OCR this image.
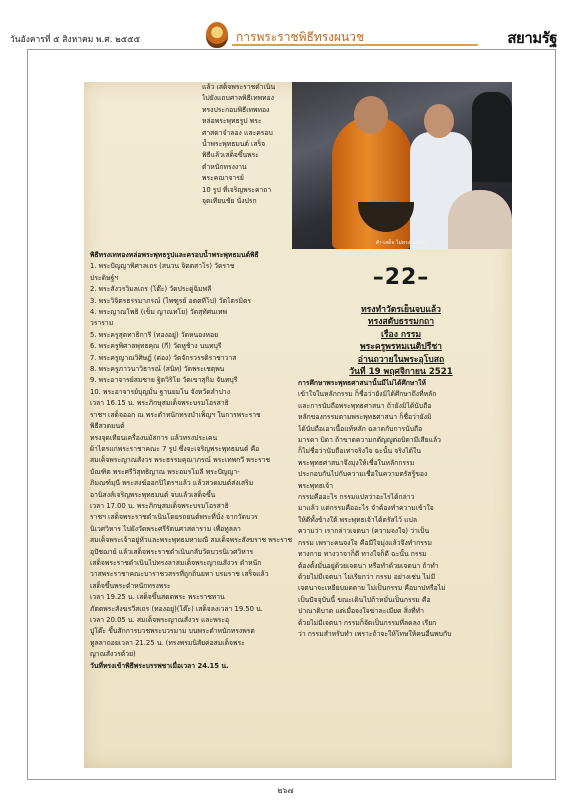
วันอังคารที่ ๕ สิงหาคม พ.ศ. ๒๕๕๕	การพระราชพิธีทรงผนวช	สยามรัฐ

แล้ว เสด็จพระราชดำเนิน

ไปยังแถบศาลพิธีเทพทอง

ทรงประกอบพิธีเทพทอง

หล่อพระพุทธรูป พระ

ศาสดาจำลอง และครอบ

น้ำพระพุทธมนต์ เสร็จ

พิธีแล้วเสด็จขึ้นพระ

ตำหนักทรงงาน

พระคณาจารย์

10 รูป ที่เจริญพระคาถา

จุดเทียนชัย นั่งปรก

สำ-เสด็จ ไม่ทรงโฉมพระ

พิธีทรงเททองหล่อพระพุทธรูปและครอบน้ำพระพุทธมนต์พิธี

1. พระปัญญาพิศาลเถร (สนวน จิตตสาโร) วัดราช

ประดิษฐ์ฯ

2. พระสังวรวิมลเถร (โต๊ะ) วัดประดู่ฉิมพลี

3. พระวิจิตรธรรมาภรณ์ (ไพฑูรย์ อตตทีโป) วัดไตรมิตร

4. พระญาณโพธิ (เข็ม ญาณทโย) วัดสุทัศนเทพ

วราราม

5. พระครูสุตทาธิการี (ทองอยู่) วัดหนองหอย

6. พระครูพิศาลพุทธคุณ (กี) วัดหูช้าง นนทบุรี

7. พระครูญาณวิศิษฏ์ (ต่อง) วัดจักรวรรดิราชาวาส

8. พระครูภาวนาวิธารณ์ (สนิท) วัดพระเชตุพน

9. พระอาจารย์สมชาย ฐิตวิริโย วัดเขาสุกิม จันทบุรี

10. พระอาจารย์บุญมั่น ฐานยมโน จังหวัดลำปาง

เวลา 16.15 น. พระภิกษุสมเด็จพระบรมโอรสาธิ

ราชฯ เสด็จออก ณ พระตำหนักทรงบำเพ็ญฯ ในการพระราช

พิธีสวดมนต์

ทรงจุดเทียนเครื่องนมัสการ แล้วทรงประเคน

ผ้าไตรแก่พระราชาคณะ 7 รูป ซึ่งจะเจริญพระพุทธมนต์ คือ

สมเด็จพระญาณสังวร พระธรรมคุณาภรณ์ พระเทพกวี พระราช

บัณฑิต พระศรีวิสุทธิญาณ พระอมรโมลี พระปัญญา-

ภิมณฑ์มุนี พระสงฆ์ออกปิไตรฯแล้ว แล้วสวดมนต์ส่งเสริม

อานิสงส์เจริญพระพุทธมนต์ จบแล้วเสด็จขึ้น

เวลา 17.00 น. พระภิกษุสมเด็จพระบรมโอรสาธิ

ราชฯ เสด็จพระราชดำเนินโดยรถยนต์พระที่นั่ง จากวัดบวร

นิเวศวิหาร ไปยังวัดพระศรีรัตนศาสดาราม เพื่อทูลลา

สมเด็จพระเจ้าอยู่หัวและพระพุทธมหามณี สมเด็จพระสังฆราช พระราช

อุปัชฌาย์ แล้วเสด็จพระราชดำเนินกลับวัดบวรนิเวศวิหาร

เสด็จพระราชดำเนินไปทรงลาสมเด็จพระญาณสังวร ตำหนัก

วาสพระราชาคณะบาราชวสรรที่ถูกถิ่นยทา บรมราช เสร็จแล้ว

เสด็จขึ้นพระตำหนักทรงพระ

เวลา 19.25 น. เสด็จขึ้นสดดพระ พระราชทาน

ภัตตพระสังฆรวีสเถร (ทองอยู่)(โต๊ะ) เสด็จลงเวลา 19.50 น.

เวลา 20.05 น. สมเด็จพระญาณสังวร และพระอุ

ปูโต๊ะ ขึ้นสักการบวชพระบวรมาม บนพระตำหนักทรงพรต

ทูลลาถอยเวลา 21.25 น. (ทรงพรมนิสัยต่อสมเด็จพระ

ญาณสังวรด้วย)

วันที่ทรงเข้าพิธีพระบรรพชาเมื่อเวลา 24.15 น.

–22–

ทรงทำวัตรเย็นจบแล้ว

ทรงสดับธรรมกถา

เรื่อง กรรม

พระครูพรหมเนติปรีชา

อ่านถวายในพระอุโบสถ

วันที่ 19 พฤศจิกายน 2521

การศึกษาพระพุทธศาสนานั้นมีไม่ได้ศึกษาให้

เข้าใจในหลักกรรม ก็ชื่อว่ายังมิได้ศึกษาถึงที่หลัก

และการนับถือพระพุทธศาสนา ถ้ายังมิได้นับถือ

หลักของกรรมตามพระพุทธศาสนา ก็ชื่อว่ายังมิ

ได้นับถือเอาเนื้อแท้หลัก ฉลาดกับการนับถือ

มารดา บิดา ถ้าขาดความกตัญญูต่อบิดามีเสียแล้ว

ก็ไม่ชื่อว่านับถือเท่าจริงใจ ฉะนั้น จริงได้ใน

พระพุทธศาสนาจึงมุ่งให้เชื่อในหลักกรรม

ประกอบกันไปกับความเชื่อในความตรัสรู้ของ

พระพุทธเจ้า

กรรมคืออะไร กรรมแปลว่าอะไรได้กล่าว

มาแล้ว แต่กรรมคืออะไร จำต้องทำความเข้าใจ

ให้ดีทั้งข้างใต้ พระพุทธเจ้าได้ตรัสไว้ แปล

ความว่า เรากล่าวเจตนา (ความจงใจ) ว่าเป็น

กรรม เพราะคนจงใจ คือมีใจมุ่งแล้วจึงทำกรรม

ทางกาย ทางวาจาก็ดี ทางใจก็ดี ฉะนั้น กรรม

ต้องตั้งมั่นอยู่ด้วยเจตนา หรือทำด้วยเจตนา ถ้าทำ

ด้วยไม่มีเจตนา ไม่เรียกว่า กรรม อย่างเช่น ไม่มี

เจตนาจะเหยียบมดตาย ไม่เป็นกรรม คือบาปหรือไม่

เป็นปัจจุบันนี้ ขณะเดินไปถ้าหมั่นเป็นกรรม คือ

ปาณาติบาต แต่เมื่อจงใจฆ่าละเมียด สิ่งที่ทำ

ด้วยไม่มีเจตนา กรรมก็จัดเป็นกรรมที่ลดลง เรียก

ว่า กรรมสำหรับทำ เพราะถ้าจะให้โทษให้คนอื่นพบกับ

๒๖๗
